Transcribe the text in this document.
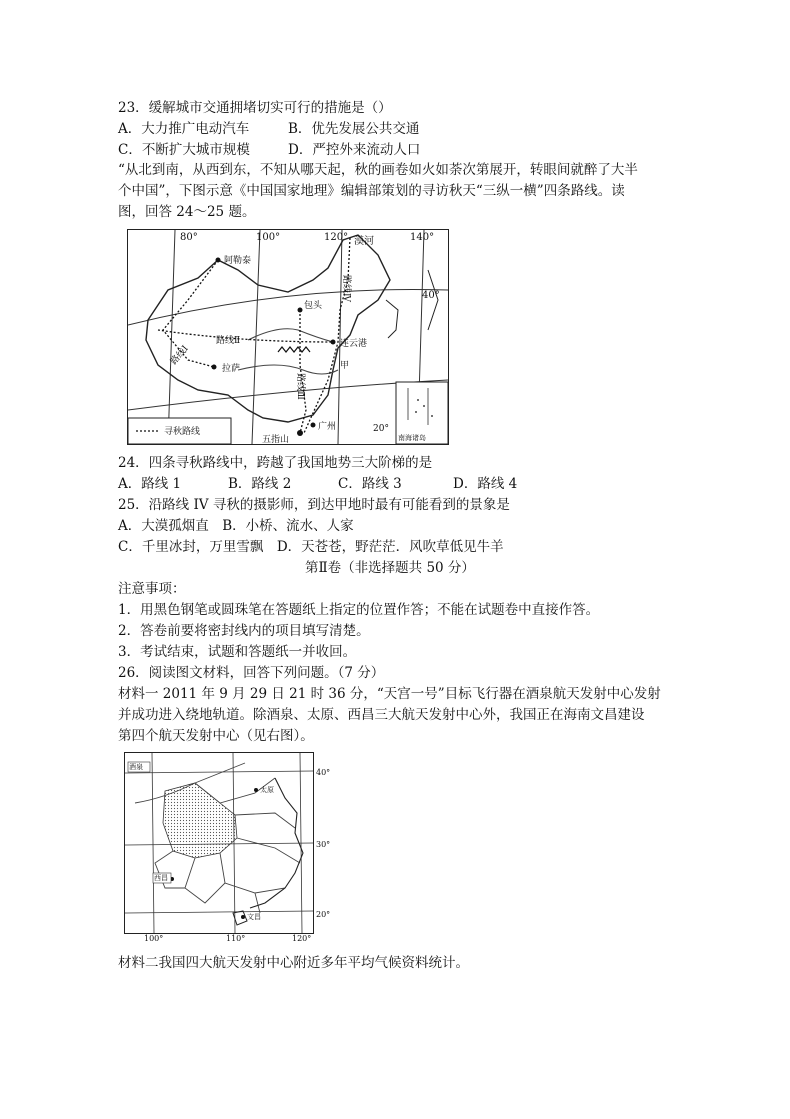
23．缓解城市交通拥堵切实可行的措施是（）
A．大力推广电动汽车	B．优先发展公共交通
C．不断扩大城市规模	D．严控外来流动人口
“从北到南，从西到东，不知从哪天起，秋的画卷如火如荼次第展开，转眼间就醉了大半
个中国”，下图示意《中国国家地理》编辑部策划的寻访秋天“三纵一横”四条路线。读
图，回答 24～25 题。
80°	100°	120°	140°
漠河
阿勒泰
40°
包头
连云港
路线Ⅱ
拉萨
路线Ⅰ
路线Ⅳ
路线Ⅲ
甲
广州	20°
五指山
寻秋路线
南海诸岛
24．四条寻秋路线中，跨越了我国地势三大阶梯的是
A．路线 1	B．路线 2	C．路线 3	D．路线 4
25．沿路线 IV 寻秋的摄影师，到达甲地时最有可能看到的景象是
A．大漠孤烟直　B．小桥、流水、人家
C．千里冰封，万里雪飘　D．天苍苍，野茫茫．风吹草低见牛羊
第Ⅱ卷（非选择题共 50 分）
注意事项：
1．用黑色钢笔或圆珠笔在答题纸上指定的位置作答；不能在试题卷中直接作答。
2．答卷前要将密封线内的项目填写清楚。
3．考试结束，试题和答题纸一并收回。
26．阅读图文材料，回答下列问题。（7 分）
材料一 2011 年 9 月 29 日 21 时 36 分，“天宫一号”目标飞行器在酒泉航天发射中心发射
并成功进入绕地轨道。除酒泉、太原、西昌三大航天发射中心外，我国正在海南文昌建设
第四个航天发射中心（见右图）。
酒泉
太原
西昌
文昌
40°
30°
20°
100°	110°	120°
材料二我国四大航天发射中心附近多年平均气候资料统计。
